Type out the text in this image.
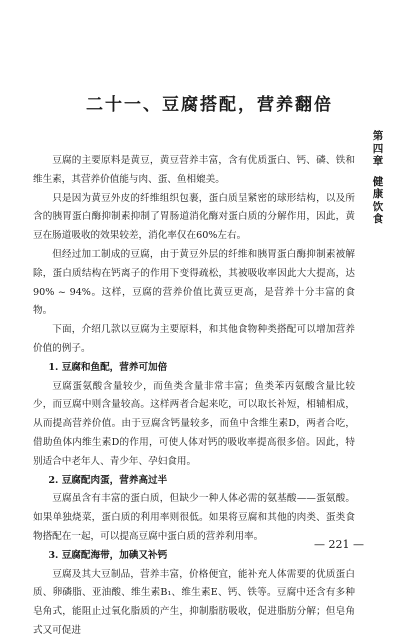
二十一、豆腐搭配，营养翻倍
第
四
章
健
康
饮
食

豆腐的主要原料是黄豆，黄豆营养丰富，含有优质蛋白、钙、磷、铁和维生素，其营养价值能与肉、蛋、鱼相媲美。

只是因为黄豆外皮的纤维组织包裹，蛋白质呈紧密的球形结构，以及所含的胰胃蛋白酶抑制素抑制了胃肠道消化酶对蛋白质的分解作用，因此，黄豆在肠道吸收的效果较差，消化率仅在60%左右。

但经过加工制成的豆腐，由于黄豆外层的纤维和胰胃蛋白酶抑制素被解除，蛋白质结构在钙离子的作用下变得疏松，其被吸收率因此大大提高，达90% ~ 94%。这样，豆腐的营养价值比黄豆更高，是营养十分丰富的食物。

下面，介绍几款以豆腐为主要原料，和其他食物种类搭配可以增加营养价值的例子。

1. 豆腐和鱼配，营养可加倍

豆腐蛋氨酸含量较少，而鱼类含量非常丰富；鱼类苯丙氨酸含量比较少，而豆腐中则含量较高。这样两者合起来吃，可以取长补短，相辅相成，从而提高营养价值。由于豆腐含钙量较多，而鱼中含维生素D，两者合吃，借助鱼体内维生素D的作用，可使人体对钙的吸收率提高很多倍。因此，特别适合中老年人、青少年、孕妇食用。

2. 豆腐配肉蛋，营养高过半

豆腐虽含有丰富的蛋白质，但缺少一种人体必需的氨基酸——蛋氨酸。如果单独烧菜，蛋白质的利用率则很低。如果将豆腐和其他的肉类、蛋类食物搭配在一起，可以提高豆腐中蛋白质的营养利用率。

3. 豆腐配海带，加碘又补钙

豆腐及其大豆制品，营养丰富，价格便宜，能补充人体需要的优质蛋白质、卵磷脂、亚油酸、维生素B₁、维生素E、钙、铁等。豆腐中还含有多种皂角式，能阻止过氧化脂质的产生，抑制脂肪吸收，促进脂肪分解；但皂角式又可促进

— 221 —
